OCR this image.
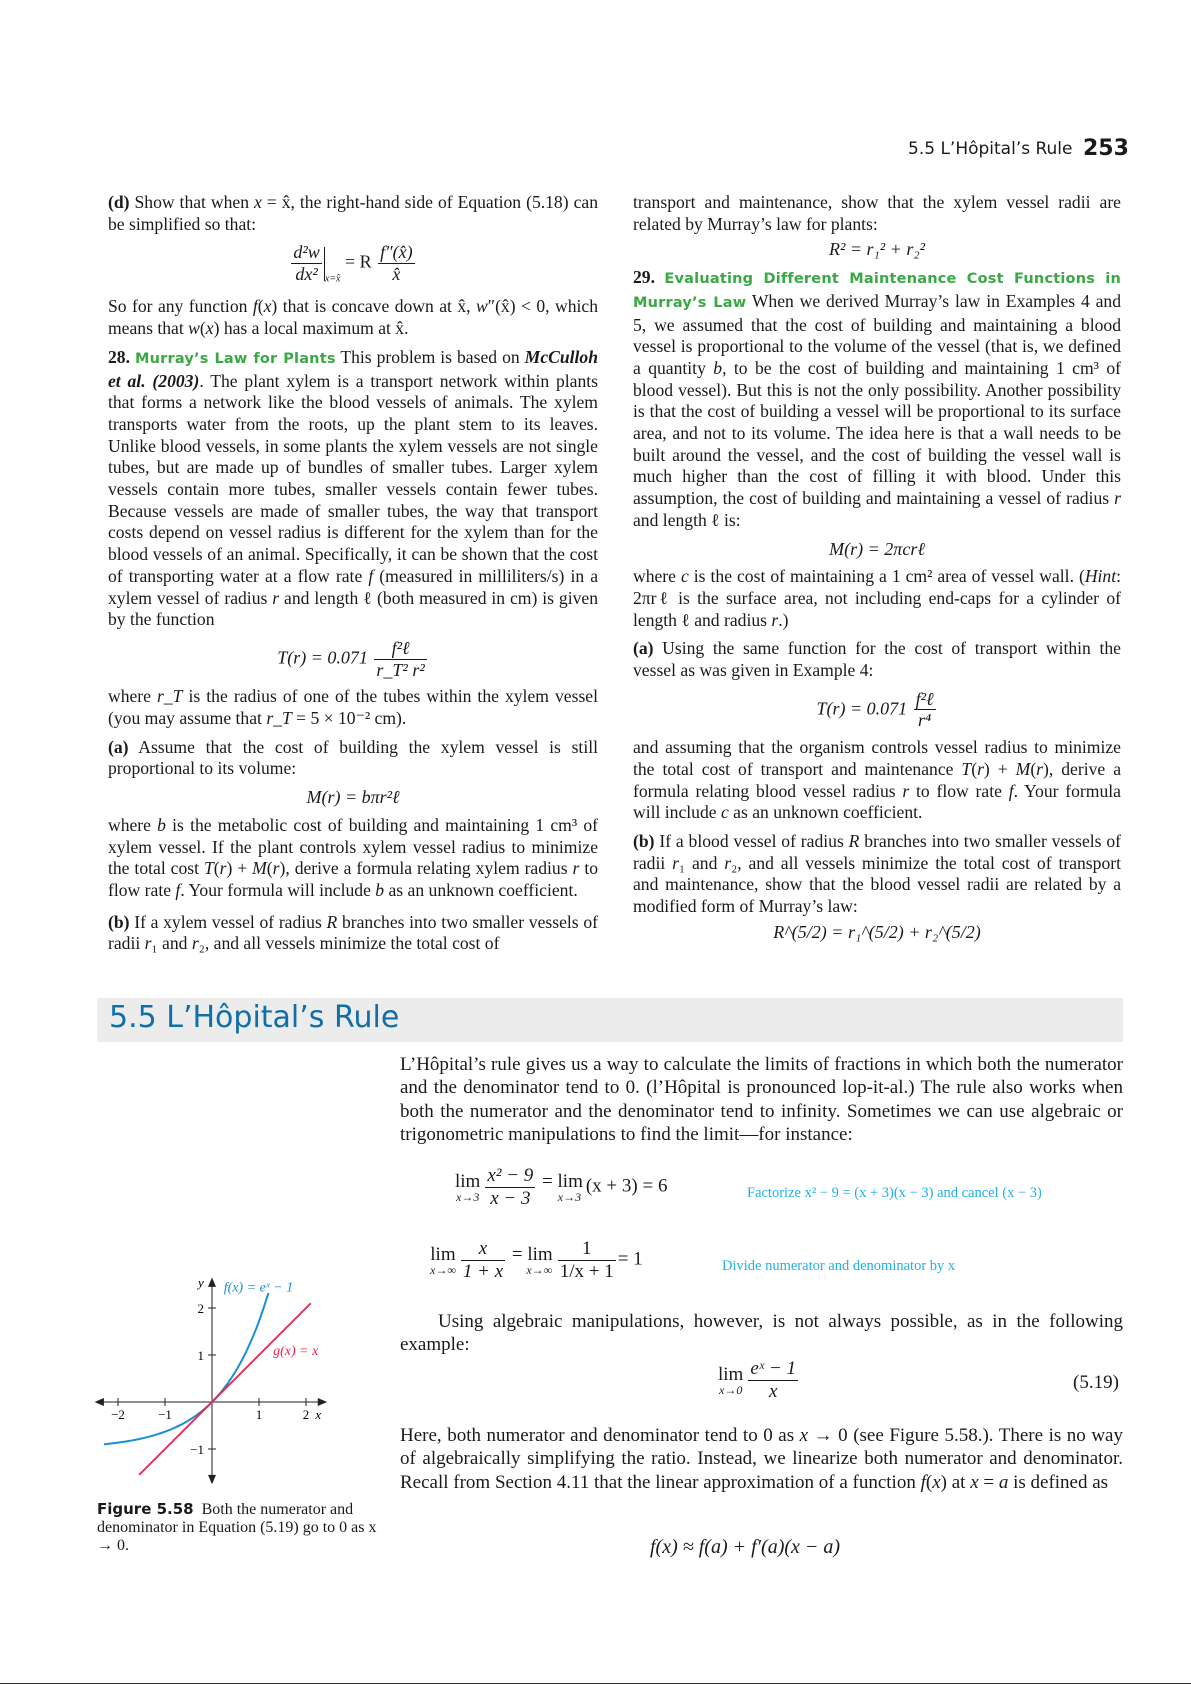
5.5 L’Hôpital’s Rule 253

(d) Show that when x = x̂, the right-hand side of Equation (5.18) can be simplified so that:

$\frac{\text{d²w}}{\text{dx²}} _{x=x̂} = R \frac{f''(x̂)}{x̂}$

So for any function f(x) that is concave down at x̂, w″(x̂) < 0, which means that w(x) has a local maximum at x̂.

28. Murray’s Law for Plants This problem is based on McCulloh et al. (2003). The plant xylem is a transport network within plants that forms a network like the blood vessels of animals. The xylem transports water from the roots, up the plant stem to its leaves. Unlike blood vessels, in some plants the xylem vessels are not single tubes, but are made up of bundles of smaller tubes. Larger xylem vessels contain more tubes, smaller vessels contain fewer tubes. Because vessels are made of smaller tubes, the way that transport costs depend on vessel radius is different for the xylem than for the blood vessels of an animal. Specifically, it can be shown that the cost of transporting water at a flow rate f (measured in milliliters/s) in a xylem vessel of radius r and length ℓ (both measured in cm) is given by the function

$T(r) = 0.071 \frac{\text{f²ℓ}}{\text{r\_T² r²}}$

where r_T is the radius of one of the tubes within the xylem vessel (you may assume that r_T = 5 × 10⁻² cm).

(a) Assume that the cost of building the xylem vessel is still proportional to its volume:

M(r) = bπr²ℓ

where b is the metabolic cost of building and maintaining 1 cm³ of xylem vessel. If the plant controls xylem vessel radius to minimize the total cost T(r) + M(r), derive a formula relating xylem radius r to flow rate f. Your formula will include b as an unknown coefficient.

(b) If a xylem vessel of radius R branches into two smaller vessels of radii r₁ and r₂, and all vessels minimize the total cost of

transport and maintenance, show that the xylem vessel radii are related by Murray’s law for plants:

R² = r₁² + r₂²

29. Evaluating Different Maintenance Cost Functions in Murray’s Law When we derived Murray’s law in Examples 4 and 5, we assumed that the cost of building and maintaining a blood vessel is proportional to the volume of the vessel (that is, we defined a quantity b, to be the cost of building and maintaining 1 cm³ of blood vessel). But this is not the only possibility. Another possibility is that the cost of building a vessel will be proportional to its surface area, and not to its volume. The idea here is that a wall needs to be built around the vessel, and the cost of building the vessel wall is much higher than the cost of filling it with blood. Under this assumption, the cost of building and maintaining a vessel of radius r and length ℓ is:

M(r) = 2πcrℓ

where c is the cost of maintaining a 1 cm² area of vessel wall. (Hint: 2πrℓ is the surface area, not including end-caps for a cylinder of length ℓ and radius r.)

(a) Using the same function for the cost of transport within the vessel as was given in Example 4:

$T(r) = 0.071 \frac{\text{f²ℓ}}{\text{r⁴}}$

and assuming that the organism controls vessel radius to minimize the total cost of transport and maintenance T(r) + M(r), derive a formula relating blood vessel radius r to flow rate f. Your formula will include c as an unknown coefficient.

(b) If a blood vessel of radius R branches into two smaller vessels of radii r₁ and r₂, and all vessels minimize the total cost of transport and maintenance, show that the blood vessel radii are related by a modified form of Murray’s law:

R^(5/2) = r₁^(5/2) + r₂^(5/2)
5.5 L’Hôpital’s Rule

L’Hôpital’s rule gives us a way to calculate the limits of fractions in which both the numerator and the denominator tend to 0. (l’Hôpital is pronounced lop-it-al.) The rule also works when both the numerator and the denominator tend to infinity. Sometimes we can use algebraic or trigonometric manipulations to find the limit—for instance:

lim
$x\to 3 \frac{\text{x² − 9}}{x - 3}$
= lim
x→3
(x + 3) = 6	Factorize x² − 9 = (x + 3)(x − 3) and cancel (x − 3)
lim
$x\to\infty \frac{x}{1 + x}$
= lim
$x\to\infty \frac{1}{1/x + 1} = 1$	Divide numerator and denominator by x

Using algebraic manipulations, however, is not always possible, as in the following example:

lim
$x\to 0 \frac{\text{eˣ − 1}}{x}$	(5.19)

Here, both numerator and denominator tend to 0 as x → 0 (see Figure 5.58.). There is no way of algebraically simplifying the ratio. Instead, we linearize both numerator and denominator. Recall from Section 4.11 that the linear approximation of a function f(x) at x = a is defined as

f(x) ≈ f(a) + f′(a)(x − a)
−2	−1	1	2
2
1
−1
x
y f(x) = eˣ − 1
g(x) = x
Figure 5.58 Both the numerator and denominator in Equation (5.19) go to 0 as x → 0.
